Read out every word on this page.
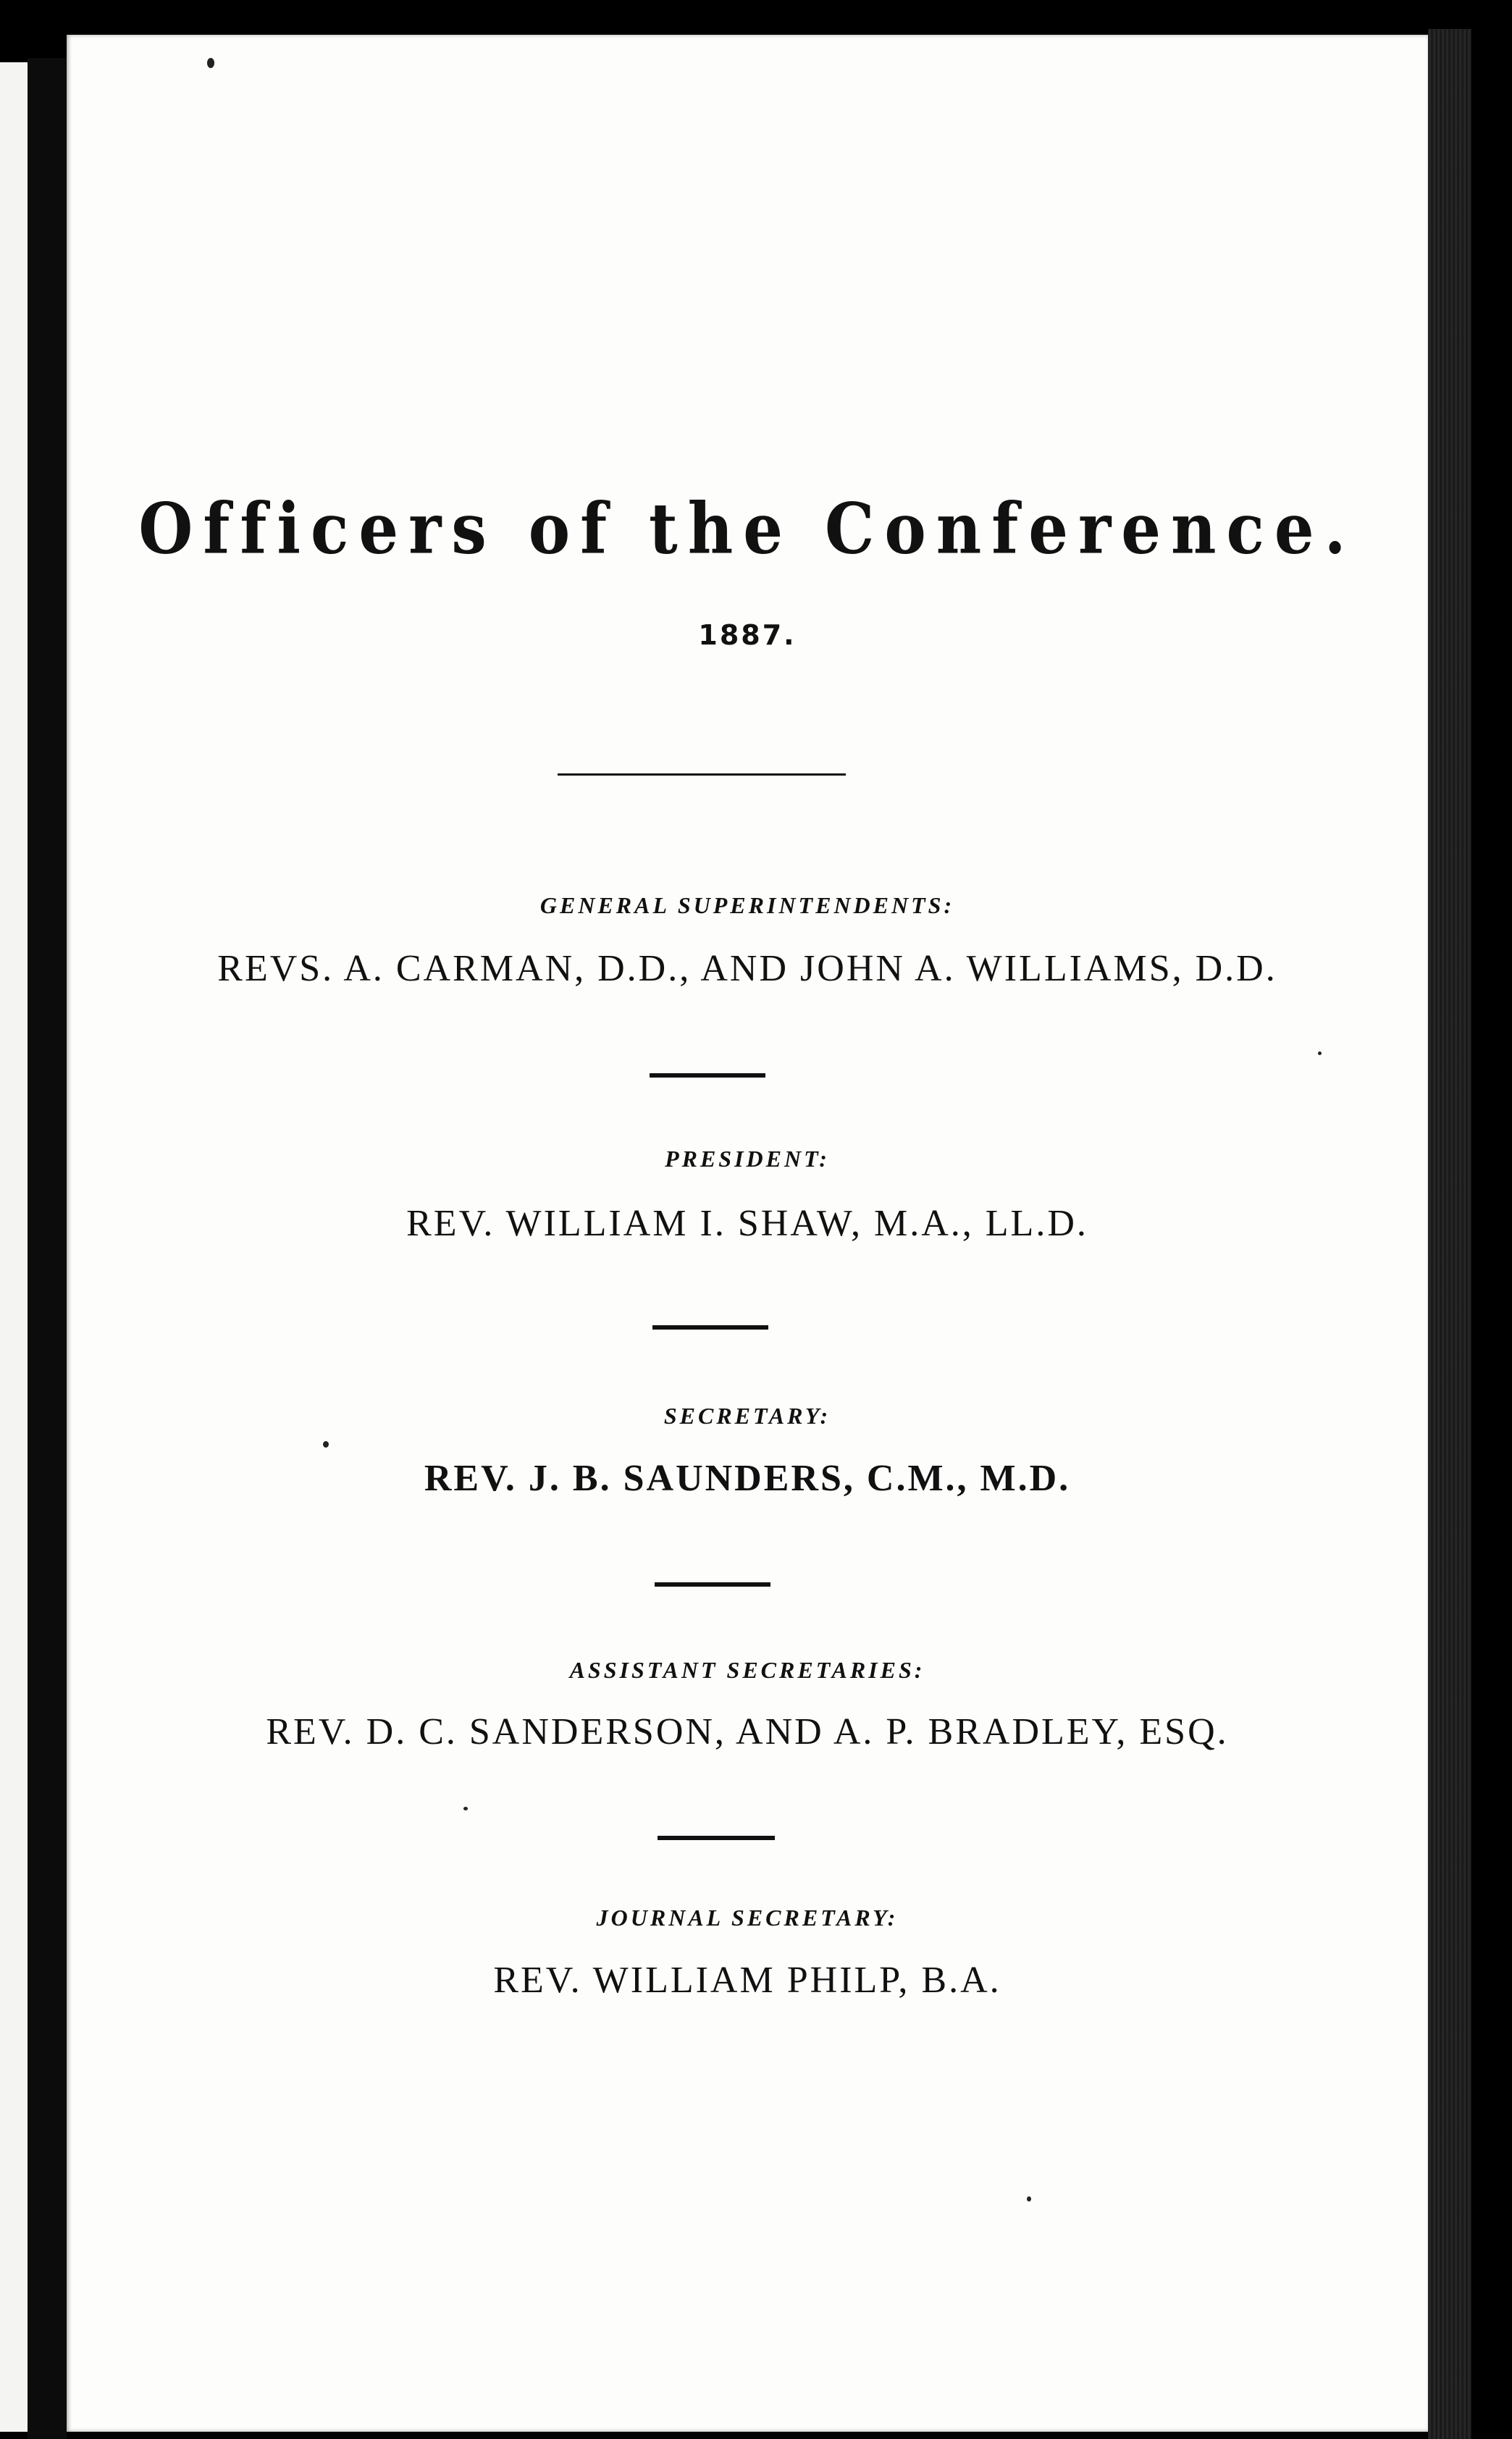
Officers of the Conference.
1887.
GENERAL SUPERINTENDENTS:
REVS. A. CARMAN, D.D., AND JOHN A. WILLIAMS, D.D.
PRESIDENT:
REV. WILLIAM I. SHAW, M.A., LL.D.
SECRETARY:
REV. J. B. SAUNDERS, C.M., M.D.
ASSISTANT SECRETARIES:
REV. D. C. SANDERSON, AND A. P. BRADLEY, ESQ.
JOURNAL SECRETARY:
REV. WILLIAM PHILP, B.A.
